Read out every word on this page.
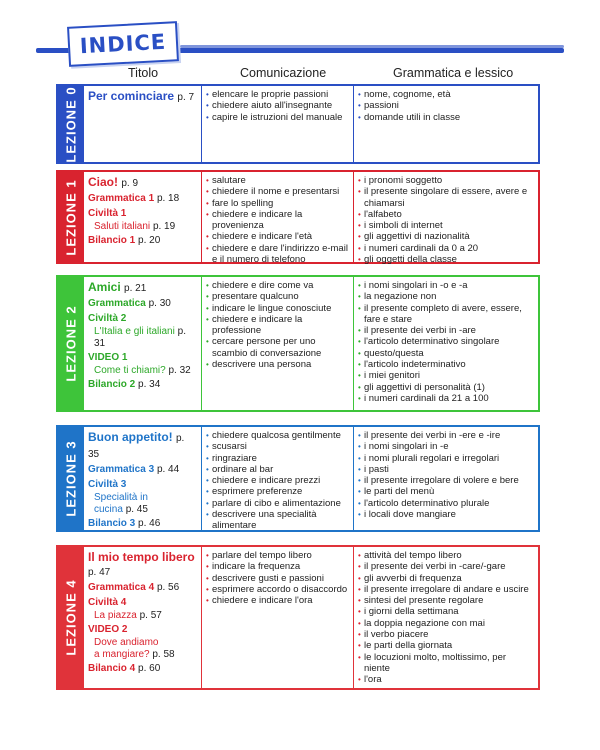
INDICE
Titolo	Comunicazione	Grammatica e lessico
LEZIONE 0 Per cominciare p. 7
•	elencare le proprie passioni
• chiedere aiuto all'insegnante
• capire le istruzioni del manuale
• nome, cognome, età
• passioni
• domande utili in classe
LEZIONE 1 Ciao! p. 9
Grammatica 1 p. 18
Civiltà 1
Saluti italiani p. 19
Bilancio 1 p. 20
• salutare
• chiedere il nome e presentarsi
• fare lo spelling
• chiedere e indicare la provenienza
• chiedere e indicare l'età
• chiedere e dare l'indirizzo e-mail e il numero di telefono
• i pronomi soggetto
• il presente singolare di essere, avere e chiamarsi
• l'alfabeto
• i simboli di internet
• gli aggettivi di nazionalità
• i numeri cardinali da 0 a 20
• gli oggetti della classe
LEZIONE 2
Amici p. 21
Grammatica p. 30
Civiltà 2
L'Italia e gli italiani p. 31
VIDEO 1
Come ti chiami? p. 32
Bilancio 2 p. 34
• chiedere e dire come va
• presentare qualcuno
• indicare le lingue conosciute
• chiedere e indicare la professione
• cercare persone per uno scambio di conversazione
• descrivere una persona
• i nomi singolari in -o e -a
• la negazione non
• il presente completo di avere, essere, fare e stare
• il presente dei verbi in -are
• l'articolo determinativo singolare
• questo/questa
• l'articolo indeterminativo
• i miei genitori
• gli aggettivi di personalità (1)
• i numeri cardinali da 21 a 100
LEZIONE 3
Buon appetito! p. 35
Grammatica 3 p. 44
Civiltà 3
Specialità in
cucina p. 45
Bilancio 3 p. 46
• chiedere qualcosa gentilmente
• scusarsi
• ringraziare
• ordinare al bar
• chiedere e indicare prezzi
• esprimere preferenze
• parlare di cibo e alimentazione
• descrivere una specialità alimentare
• il presente dei verbi in -ere e -ire
• i nomi singolari in -e
• i nomi plurali regolari e irregolari
• i pasti
• il presente irregolare di volere e bere
• le parti del menù
• l'articolo determinativo plurale
• i locali dove mangiare
LEZIONE 4
Il mio tempo libero
p. 47
Grammatica 4 p. 56
Civiltà 4
La piazza p. 57
VIDEO 2
Dove andiamo
a mangiare? p. 58
Bilancio 4 p. 60
• parlare del tempo libero
• indicare la frequenza
• descrivere gusti e passioni
• esprimere accordo o disaccordo
• chiedere e indicare l'ora
• attività del tempo libero
• il presente dei verbi in -care/-gare
• gli avverbi di frequenza
• il presente irregolare di andare e uscire
• sintesi del presente regolare
• i giorni della settimana
• la doppia negazione con mai
• il verbo piacere
• le parti della giornata
• le locuzioni molto, moltissimo, per niente
• l'ora
